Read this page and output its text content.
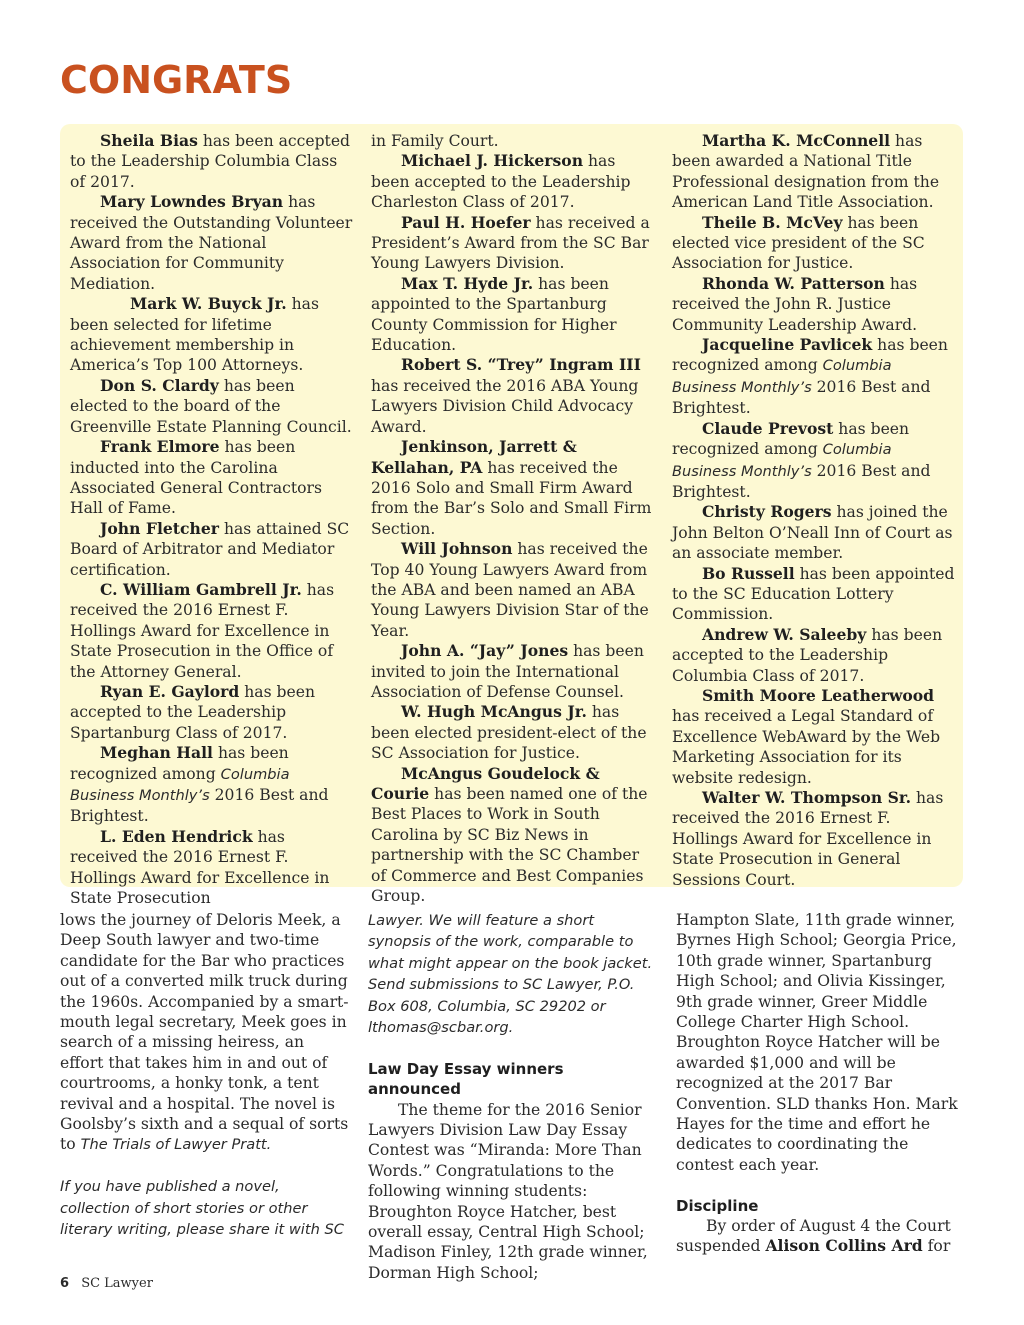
CONGRATS

Sheila Bias has been accepted to the Leadership Columbia Class of 2017.

Mary Lowndes Bryan has received the Outstanding Volunteer Award from the National Association for Community Mediation.

Mark W. Buyck Jr. has been selected for lifetime achievement membership in America’s Top 100 Attorneys.

Don S. Clardy has been elected to the board of the Greenville Estate Planning Council.

Frank Elmore has been inducted into the Carolina Associated General Contractors Hall of Fame.

John Fletcher has attained SC Board of Arbitrator and Mediator certification.

C. William Gambrell Jr. has received the 2016 Ernest F. Hollings Award for Excellence in State Prosecution in the Office of the Attorney General.

Ryan E. Gaylord has been accepted to the Leadership Spartanburg Class of 2017.

Meghan Hall has been recognized among Columbia Business Monthly’s 2016 Best and Brightest.

L. Eden Hendrick has received the 2016 Ernest F. Hollings Award for Excellence in State Prosecution

in Family Court.

Michael J. Hickerson has been accepted to the Leadership Charleston Class of 2017.

Paul H. Hoefer has received a President’s Award from the SC Bar Young Lawyers Division.

Max T. Hyde Jr. has been appointed to the Spartanburg County Commission for Higher Education.

Robert S. “Trey” Ingram III has received the 2016 ABA Young Lawyers Division Child Advocacy Award.

Jenkinson, Jarrett & Kellahan, PA has received the 2016 Solo and Small Firm Award from the Bar’s Solo and Small Firm Section.

Will Johnson has received the Top 40 Young Lawyers Award from the ABA and been named an ABA Young Lawyers Division Star of the Year.

John A. “Jay” Jones has been invited to join the International Association of Defense Counsel.

W. Hugh McAngus Jr. has been elected president-elect of the SC Association for Justice.

McAngus Goudelock & Courie has been named one of the Best Places to Work in South Carolina by SC Biz News in partnership with the SC Chamber of Commerce and Best Companies Group.

Martha K. McConnell has been awarded a National Title Professional designation from the American Land Title Association.

Theile B. McVey has been elected vice president of the SC Association for Justice.

Rhonda W. Patterson has received the John R. Justice Community Leadership Award.

Jacqueline Pavlicek has been recognized among Columbia Business Monthly’s 2016 Best and Brightest.

Claude Prevost has been recognized among Columbia Business Monthly’s 2016 Best and Brightest.

Christy Rogers has joined the John Belton O’Neall Inn of Court as an associate member.

Bo Russell has been appointed to the SC Education Lottery Commission.

Andrew W. Saleeby has been accepted to the Leadership Columbia Class of 2017.

Smith Moore Leatherwood has received a Legal Standard of Excellence WebAward by the Web Marketing Association for its website redesign.

Walter W. Thompson Sr. has received the 2016 Ernest F. Hollings Award for Excellence in State Prosecution in General Sessions Court.

lows the journey of Deloris Meek, a Deep South lawyer and two-time candidate for the Bar who practices out of a converted milk truck during the 1960s. Accompanied by a smart-mouth legal secretary, Meek goes in search of a missing heiress, an effort that takes him in and out of courtrooms, a honky tonk, a tent revival and a hospital. The novel is Goolsby’s sixth and a sequal of sorts to The Trials of Lawyer Pratt.

If you have published a novel, collection of short stories or other literary writing, please share it with SC

Lawyer. We will feature a short synopsis of the work, comparable to what might appear on the book jacket. Send submissions to SC Lawyer, P.O. Box 608, Columbia, SC 29202 or lthomas@scbar.org.

Law Day Essay winners announced

The theme for the 2016 Senior Lawyers Division Law Day Essay Contest was “Miranda: More Than Words.” Congratulations to the following winning students: Broughton Royce Hatcher, best overall essay, Central High School; Madison Finley, 12th grade winner, Dorman High School;

Hampton Slate, 11th grade winner, Byrnes High School; Georgia Price, 10th grade winner, Spartanburg High School; and Olivia Kissinger, 9th grade winner, Greer Middle College Charter High School. Broughton Royce Hatcher will be awarded $1,000 and will be recognized at the 2017 Bar Convention. SLD thanks Hon. Mark Hayes for the time and effort he dedicates to coordinating the contest each year.

Discipline

By order of August 4 the Court suspended Alison Collins Ard for

6 SC Lawyer
